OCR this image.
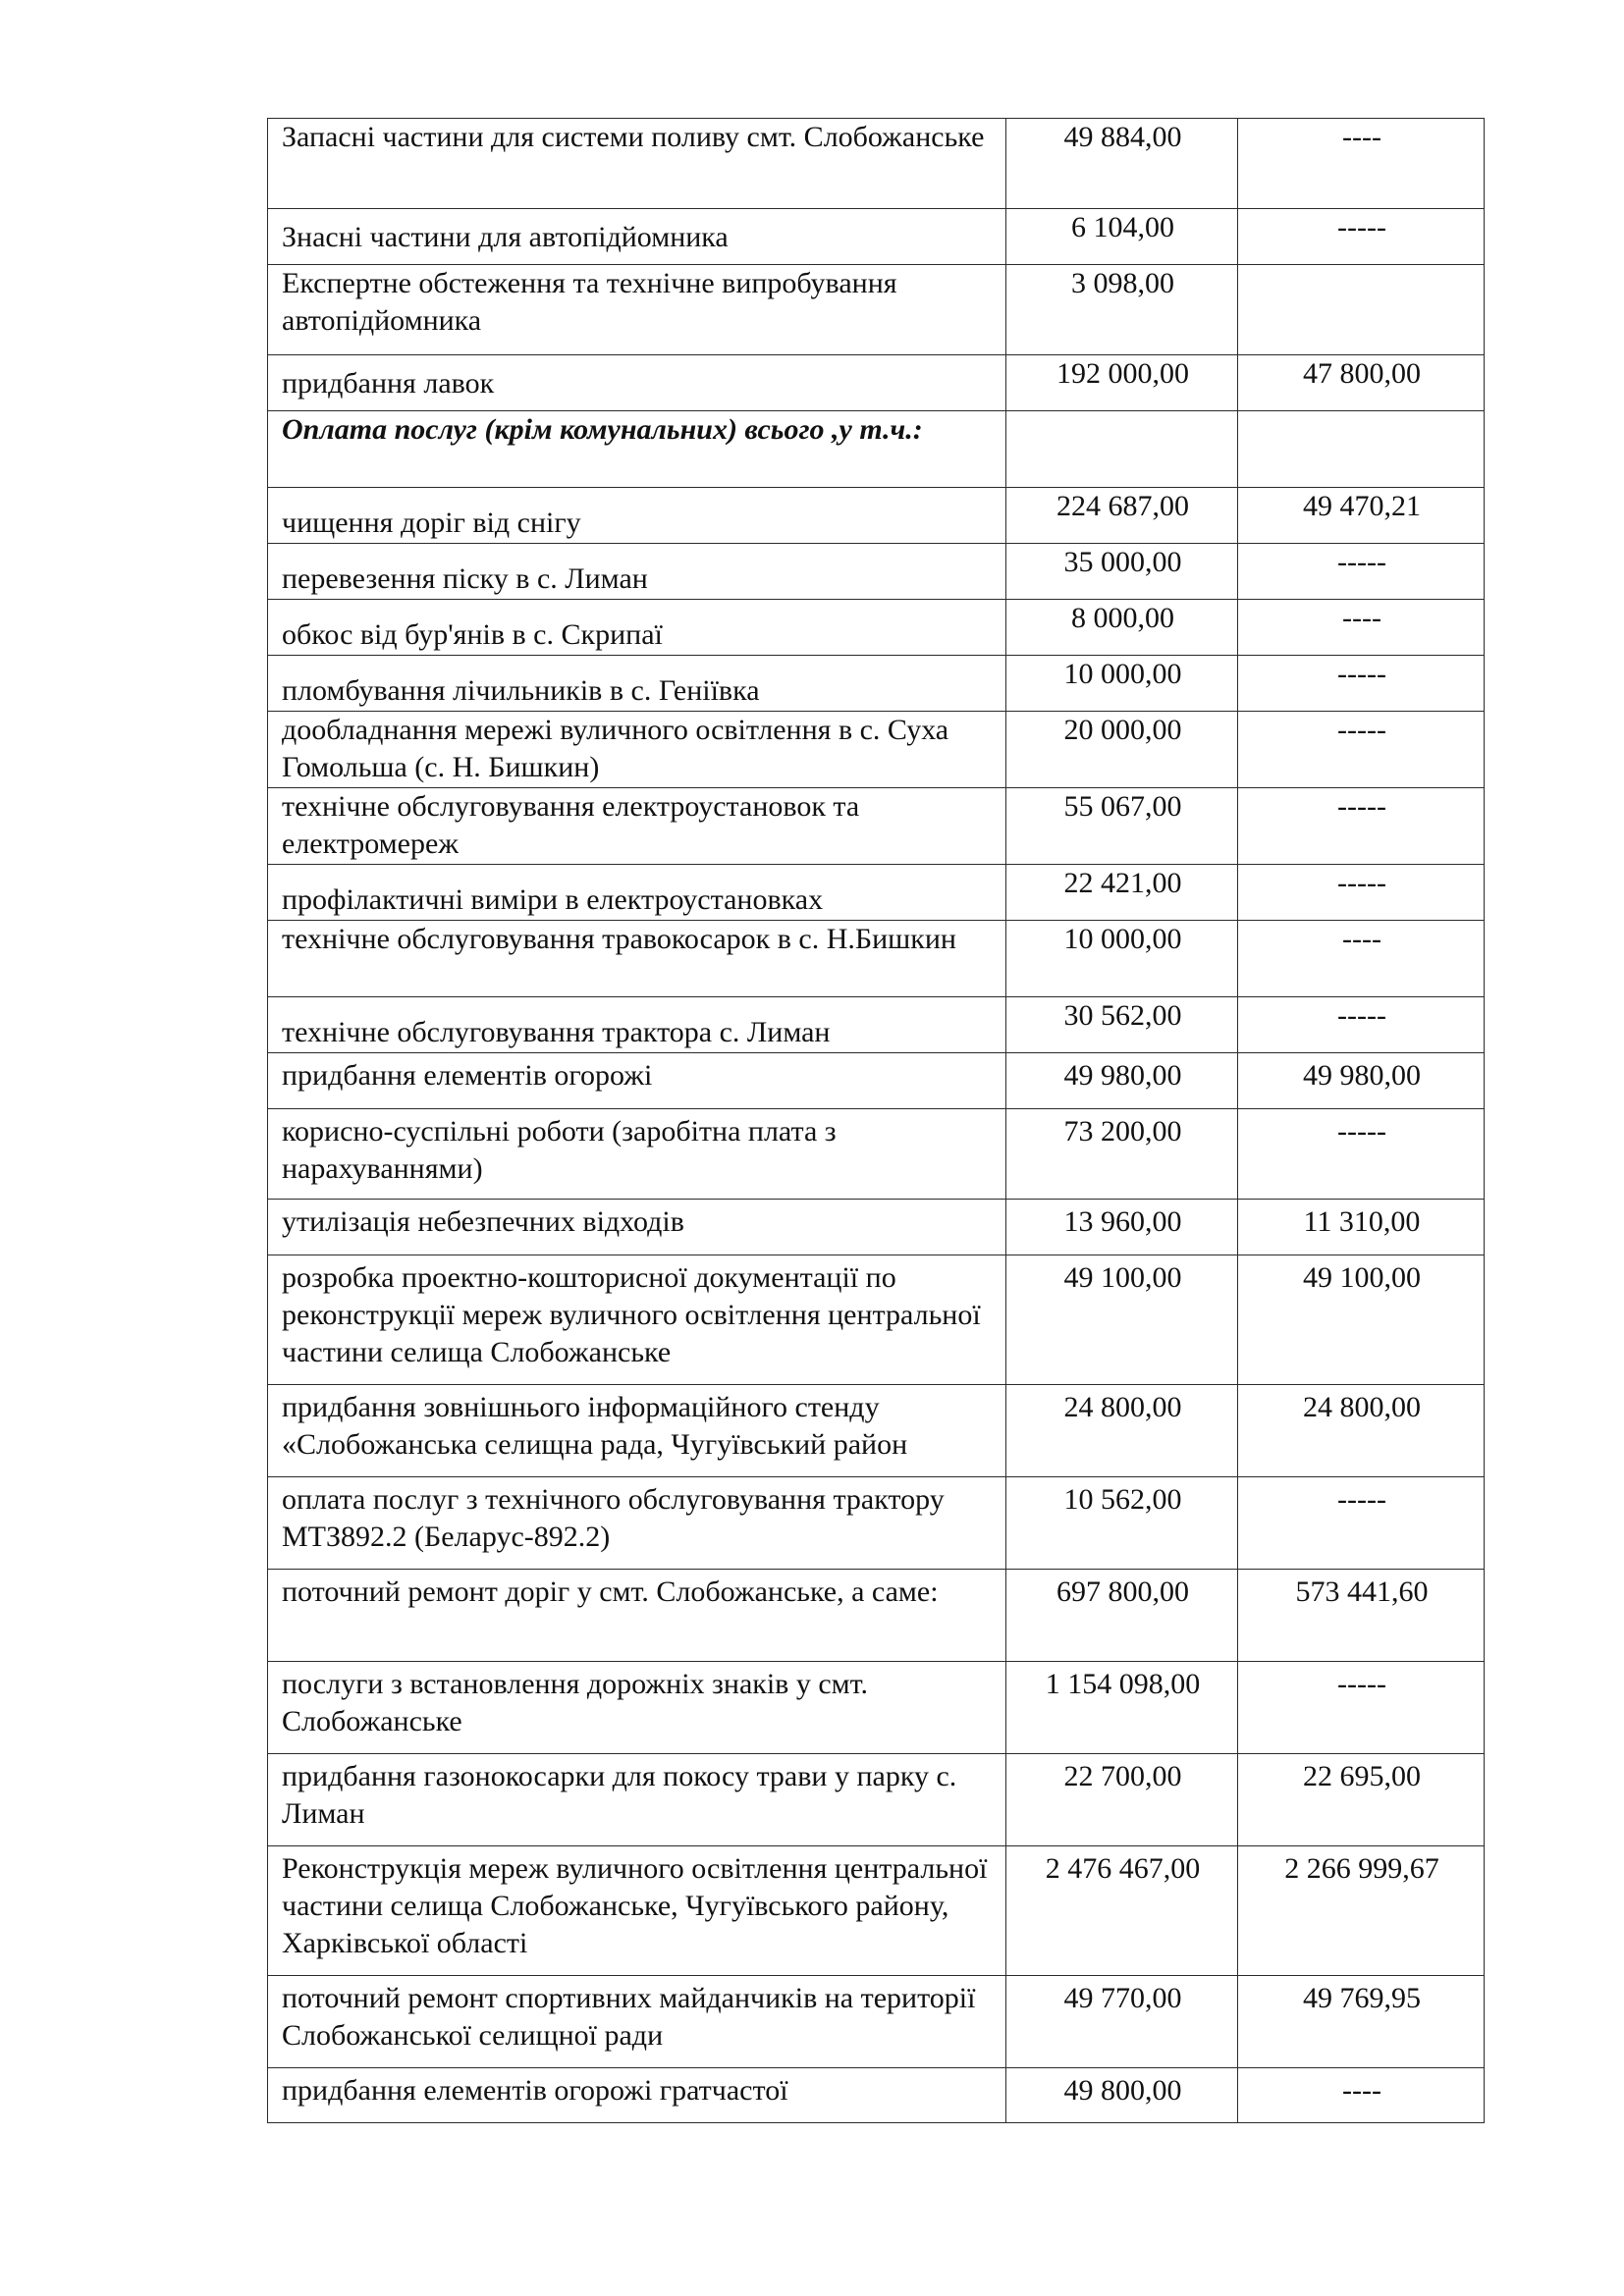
Запасні частини для системи поливу смт. Слобожанське	49 884,00	----
Знасні частини для автопідйомника	6 104,00	-----
Експертне обстеження та технічне випробування автопідйомника	3 098,00	
придбання лавок	192 000,00	47 800,00
Оплата послуг (крім комунальних) всього ,у т.ч.:		
чищення доріг від снігу	224 687,00	49 470,21
перевезення піску в с. Лиман	35 000,00	-----
обкос від бур'янів в с. Скрипаї	8 000,00	----
пломбування лічильників в с. Геніївка	10 000,00	-----
дообладнання мережі вуличного освітлення в с. Суха Гомольша (с. Н. Бишкин)	20 000,00	-----
технічне обслуговування електроустановок та електромереж	55 067,00	-----
профілактичні виміри в електроустановках	22 421,00	-----
технічне обслуговування травокосарок в с. Н.Бишкин	10 000,00	----
технічне обслуговування трактора с. Лиман	30 562,00	-----
придбання елементів огорожі	49 980,00	49 980,00
корисно-суспільні роботи (заробітна плата з нарахуваннями)	73 200,00	-----
утилізація небезпечних відходів	13 960,00	11 310,00
розробка проектно-кошторисної документації по реконструкції мереж вуличного освітлення центральної частини селища Слобожанське	49 100,00	49 100,00
придбання зовнішнього інформаційного стенду «Слобожанська селищна рада, Чугуївський район	24 800,00	24 800,00
оплата послуг з технічного обслуговування трактору МТЗ892.2 (Беларус-892.2)	10 562,00	-----
поточний ремонт доріг у смт. Слобожанське, а саме:	697 800,00	573 441,60
послуги з встановлення дорожніх знаків у смт. Слобожанське	1 154 098,00	-----
придбання газонокосарки для покосу трави у парку с. Лиман	22 700,00	22 695,00
Реконструкція мереж вуличного освітлення центральної частини селища Слобожанське, Чугуївського району, Харківської області	2 476 467,00	2 266 999,67
поточний ремонт спортивних майданчиків на території Слобожанської селищної ради	49 770,00	49 769,95
придбання елементів огорожі гратчастої	49 800,00	----
